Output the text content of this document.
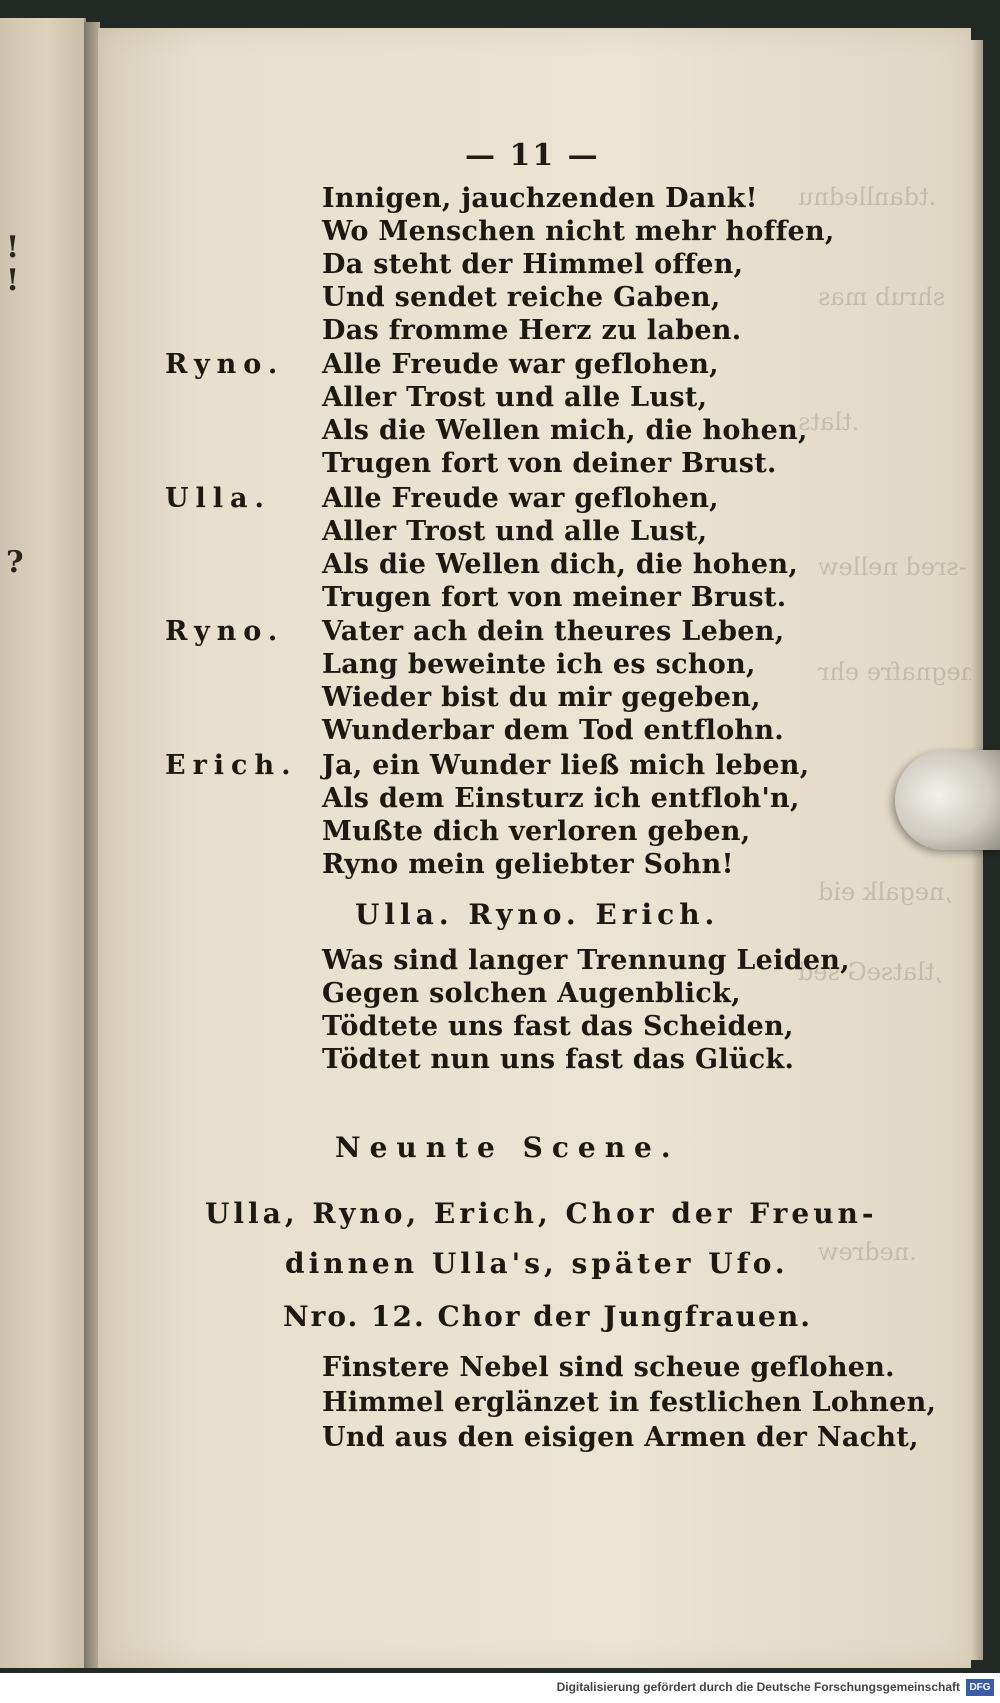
!
!
?
.tdan⁠llednu
shrub mas
.tlats
-sred nellew
,negnafre ehr
,negalk eid
,tlatseG sed
.nedrew
— 11 —
Innigen, jauchzenden Dank!
Wo Menschen nicht mehr hoffen,
Da steht der Himmel offen,
Und sendet reiche Gaben,
Das fromme Herz zu laben.
Ryno. Alle Freude war geflohen,
Aller Trost und alle Lust,
Als die Wellen mich, die hohen,
Trugen fort von deiner Brust.
Ulla. Alle Freude war geflohen,
Aller Trost und alle Lust,
Als die Wellen dich, die hohen,
Trugen fort von meiner Brust.
Ryno. Vater ach dein theures Leben,
Lang beweinte ich es schon,
Wieder bist du mir gegeben,
Wunderbar dem Tod entflohn.
Erich. Ja, ein Wunder ließ mich leben,
Als dem Einsturz ich entfloh'n,
Mußte dich verloren geben,
Ryno mein geliebter Sohn!
Ulla. Ryno. Erich.
Was sind langer Trennung Leiden,
Gegen solchen Augenblick,
Tödtete uns fast das Scheiden,
Tödtet nun uns fast das Glück.
Neunte Scene.
Ulla, Ryno, Erich, Chor der Freun-
dinnen Ulla's, später Ufo.
Nro. 12. Chor der Jungfrauen.
Finstere Nebel sind scheue geflohen.
Himmel erglänzet in festlichen Lohnen,
Und aus den eisigen Armen der Nacht,
Digitalisierung gefördert durch die Deutsche Forschungsgemeinschaft DFG
